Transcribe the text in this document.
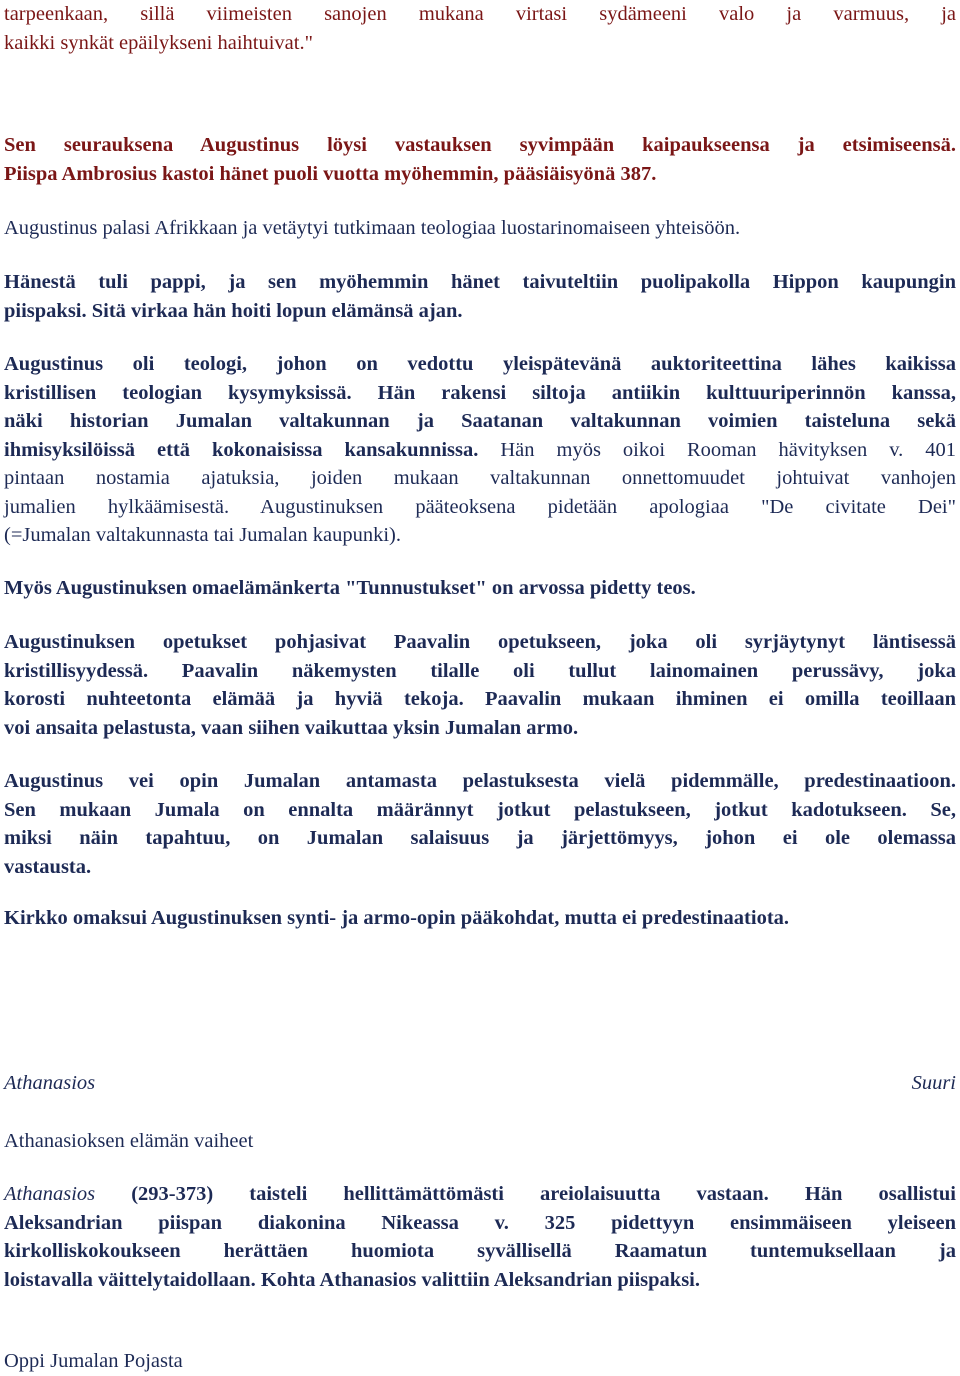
tarpeenkaan, sillä viimeisten sanojen mukana virtasi sydämeeni valo ja varmuus, ja
kaikki synkät epäilykseni haihtuivat."
Sen seurauksena Augustinus löysi vastauksen syvimpään kaipaukseensa ja etsimiseensä.
Piispa Ambrosius kastoi hänet puoli vuotta myöhemmin, pääsiäisyönä 387.
Augustinus palasi Afrikkaan ja vetäytyi tutkimaan teologiaa luostarinomaiseen yhteisöön.
Hänestä tuli pappi, ja sen myöhemmin hänet taivuteltiin puolipakolla Hippon kaupungin
piispaksi. Sitä virkaa hän hoiti lopun elämänsä ajan.
Augustinus oli teologi, johon on vedottu yleispätevänä auktoriteettina lähes kaikissa
kristillisen teologian kysymyksissä. Hän rakensi siltoja antiikin kulttuuriperinnön kanssa,
näki historian Jumalan valtakunnan ja Saatanan valtakunnan voimien taisteluna sekä
ihmisyksilöissä että kokonaisissa kansakunnissa. Hän myös oikoi Rooman hävityksen v. 401
pintaan nostamia ajatuksia, joiden mukaan valtakunnan onnettomuudet johtuivat vanhojen
jumalien hylkäämisestä. Augustinuksen pääteoksena pidetään apologiaa "De civitate Dei"
(=Jumalan valtakunnasta tai Jumalan kaupunki).
Myös Augustinuksen omaelämänkerta "Tunnustukset" on arvossa pidetty teos.
Augustinuksen opetukset pohjasivat Paavalin opetukseen, joka oli syrjäytynyt läntisessä
kristillisyydessä. Paavalin näkemysten tilalle oli tullut lainomainen perussävy, joka
korosti nuhteetonta elämää ja hyviä tekoja. Paavalin mukaan ihminen ei omilla teoillaan
voi ansaita pelastusta, vaan siihen vaikuttaa yksin Jumalan armo.
Augustinus vei opin Jumalan antamasta pelastuksesta vielä pidemmälle, predestinaatioon.
Sen mukaan Jumala on ennalta määrännyt jotkut pelastukseen, jotkut kadotukseen. Se,
miksi näin tapahtuu, on Jumalan salaisuus ja järjettömyys, johon ei ole olemassa
vastausta.
Kirkko omaksui Augustinuksen synti- ja armo-opin pääkohdat, mutta ei predestinaatiota.
Athanasios	Suuri
Athanasioksen elämän vaiheet
Athanasios (293-373) taisteli hellittämättömästi areiolaisuutta vastaan. Hän osallistui
Aleksandrian piispan diakonina Nikeassa v. 325 pidettyyn ensimmäiseen yleiseen
kirkolliskokoukseen herättäen huomiota syvällisellä Raamatun tuntemuksellaan ja
loistavalla väittelytaidollaan. Kohta Athanasios valittiin Aleksandrian piispaksi.
Oppi Jumalan Pojasta
